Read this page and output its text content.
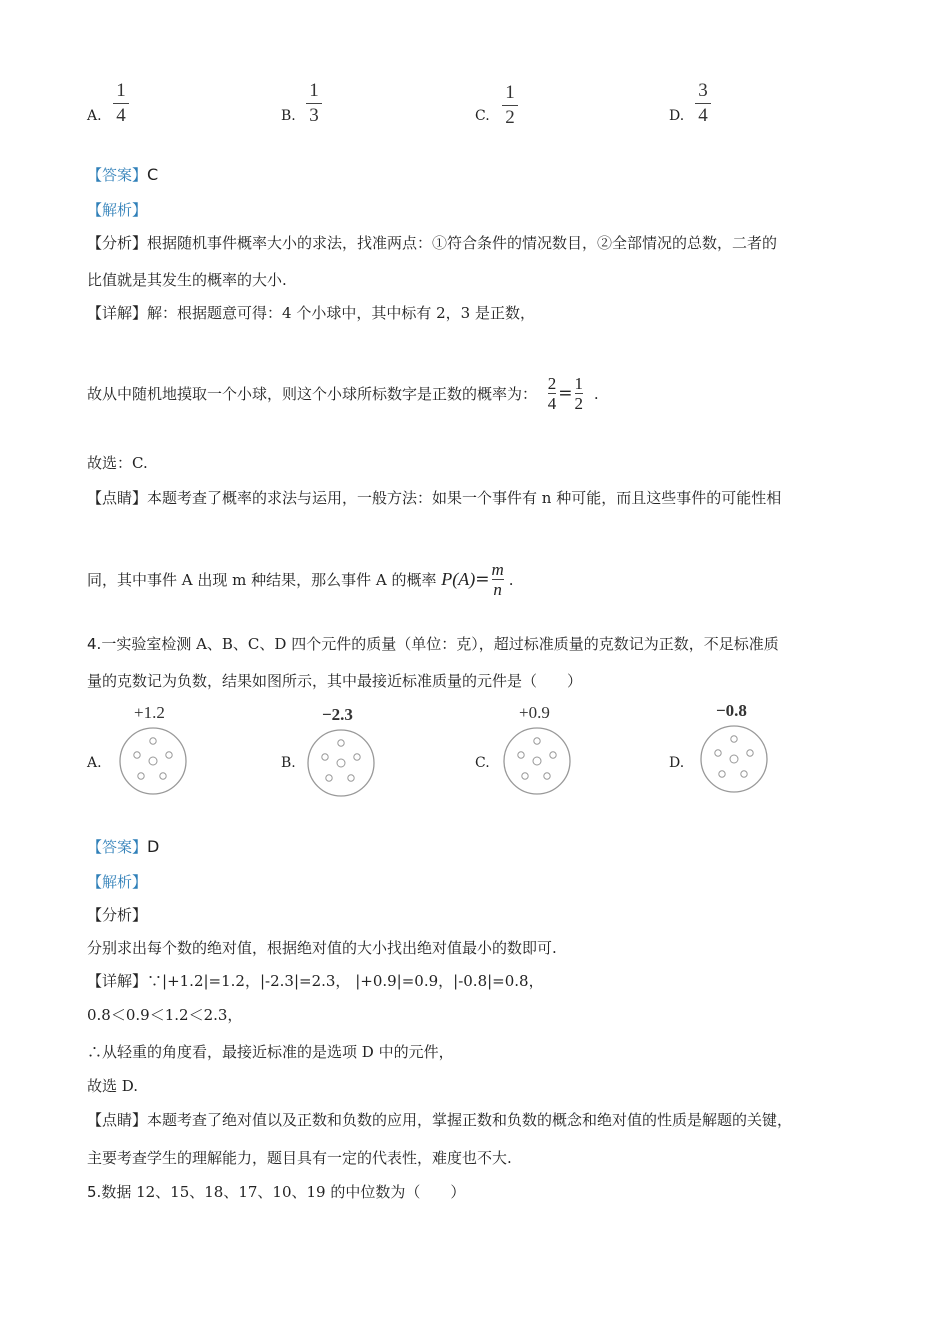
A.
1
4	B.
1
3	C.
1
2	D.
3
4
【答案】C
【解析】
【分析】根据随机事件概率大小的求法，找准两点：①符合条件的情况数目，②全部情况的总数，二者的
比值就是其发生的概率的大小.
【详解】解：根据题意可得：4 个小球中，其中标有 2，3 是正数，
故从中随机地摸取一个小球，则这个小球所标数字是正数的概率为： $\frac{2}{4} = \frac{1}{2}$ .
故选：C.
【点睛】本题考查了概率的求法与运用，一般方法：如果一个事件有 n 种可能，而且这些事件的可能性相
同，其中事件 A 出现 m 种结果，那么事件 A 的概率 $P(A)= \frac{m}{n}$ .
4.一实验室检测 A、B、C、D 四个元件的质量（单位：克），超过标准质量的克数记为正数，不足标准质
量的克数记为负数，结果如图所示，其中最接近标准质量的元件是（　　）
+1.2
A.
−2.3
B.
+0.9
C.
−0.8
D.
【答案】D
【解析】
【分析】
分别求出每个数的绝对值，根据绝对值的大小找出绝对值最小的数即可.
【详解】∵|+1.2|=1.2，|-2.3|=2.3， |+0.9|=0.9，|-0.8|=0.8，
0.8＜0.9＜1.2＜2.3，
∴从轻重的角度看，最接近标准的是选项 D 中的元件，
故选 D.
【点睛】本题考查了绝对值以及正数和负数的应用，掌握正数和负数的概念和绝对值的性质是解题的关键，
主要考查学生的理解能力，题目具有一定的代表性，难度也不大.
5.数据 12、15、18、17、10、19 的中位数为（　　）
